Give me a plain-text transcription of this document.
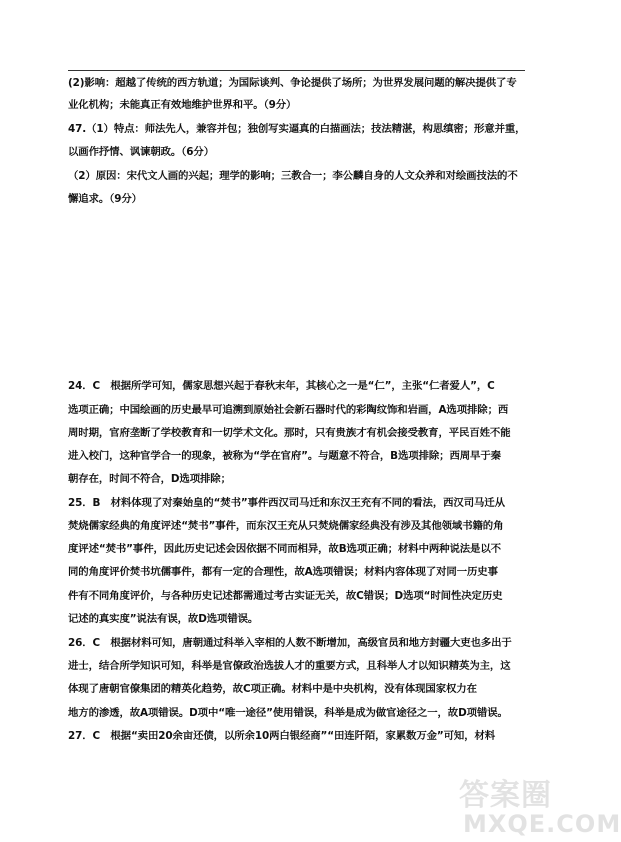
(2)影响：超越了传统的西方轨道；为国际谈判、争论提供了场所；为世界发展问题的解决提供了专
业化机构；未能真正有效地维护世界和平。（9分）
47.（1）特点：师法先人，兼容并包；独创写实逼真的白描画法；技法精湛，构思缜密；形意并重，
以画作抒情、讽谏朝政。（6分）
（2）原因：宋代文人画的兴起；理学的影响；三教合一；李公麟自身的人文众养和对绘画技法的不
懈追求。（9分）
24．C　根据所学可知，儒家思想兴起于春秋末年，其核心之一是“仁”，主张“仁者爱人”，C
选项正确；中国绘画的历史最早可追溯到原始社会新石器时代的彩陶纹饰和岩画，A选项排除；西
周时期，官府垄断了学校教育和一切学术文化。那时，只有贵族才有机会接受教育，平民百姓不能
进入校门，这种官学合一的现象，被称为“学在官府”。与题意不符合，B选项排除；西周早于秦
朝存在，时间不符合，D选项排除；
25．B　材料体现了对秦始皇的“焚书”事件西汉司马迁和东汉王充有不同的看法，西汉司马迁从
焚烧儒家经典的角度评述“焚书”事件，而东汉王充从只焚烧儒家经典没有涉及其他领域书籍的角
度评述“焚书”事件，因此历史记述会因依据不同而相异，故B选项正确；材料中两种说法是以不
同的角度评价焚书坑儒事件，都有一定的合理性，故A选项错误；材料内容体现了对同一历史事
件有不同角度评价，与各种历史记述都需通过考古实证无关，故C错误；D选项“时间性决定历史
记述的真实度”说法有误，故D选项错误。
26．C　根据材料可知，唐朝通过科举入宰相的人数不断增加，高级官员和地方封疆大吏也多出于
进士，结合所学知识可知，科举是官僚政治选拔人才的重要方式，且科举人才以知识精英为主，这
体现了唐朝官僚集团的精英化趋势，故C项正确。材料中是中央机构，没有体现国家权力在
地方的渗透，故A项错误。D项中“唯一途径”使用错误，科举是成为做官途径之一，故D项错误。
27．C　根据“卖田20余亩还债，以所余10两白银经商”“田连阡陌，家累数万金”可知，材料
答案圈
MXQE.COM
